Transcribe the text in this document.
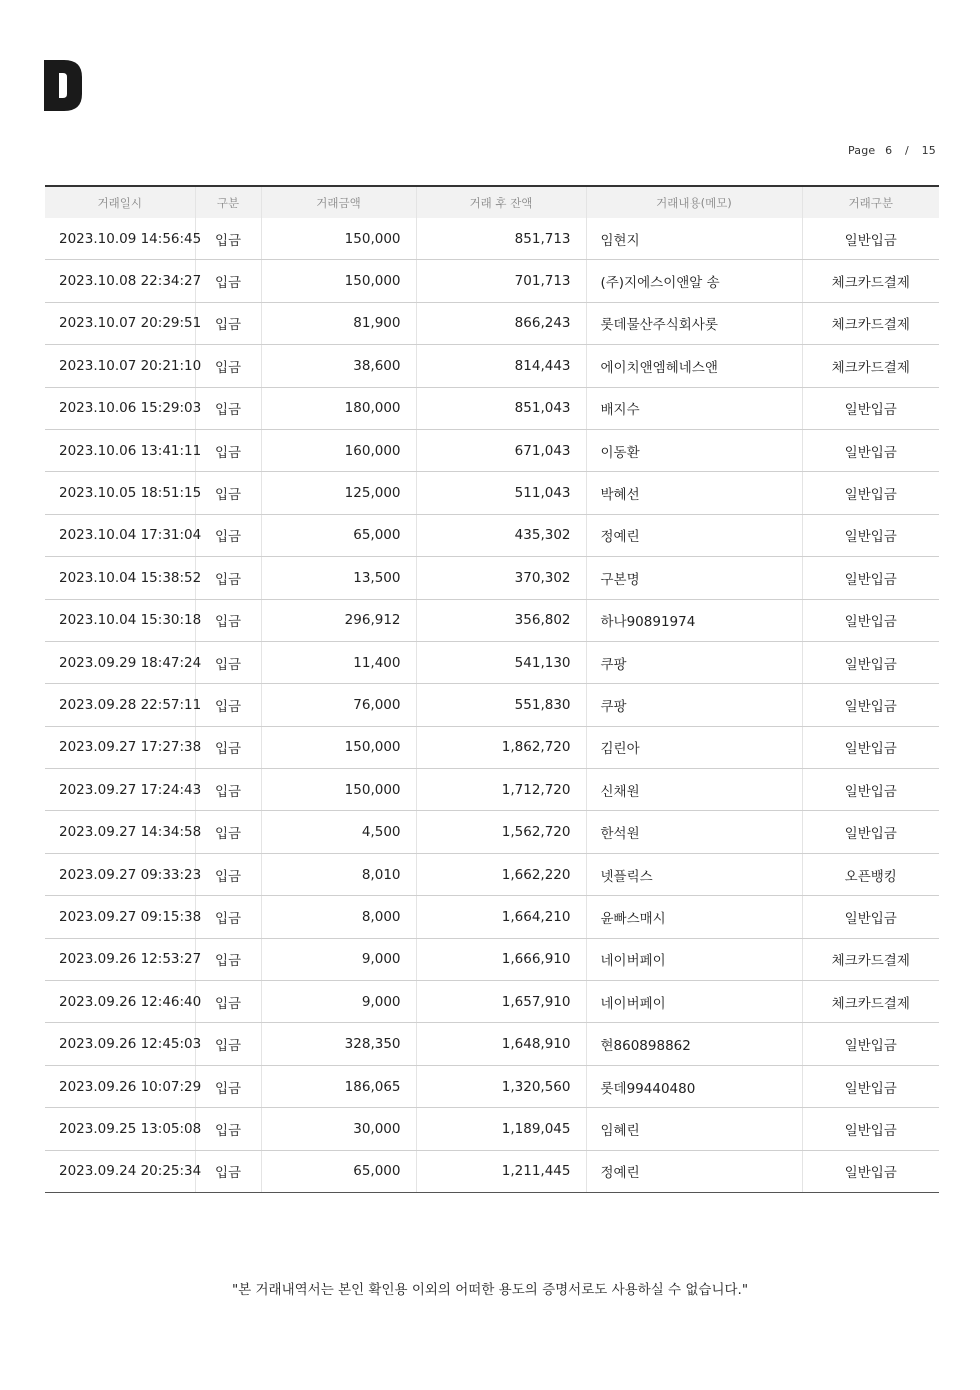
Page 6 / 15
거래일시	구분	거래금액	거래 후 잔액	거래내용(메모)	거래구분
2023.10.09 14:56:45	입금	150,000	851,713	임현지	일반입금
2023.10.08 22:34:27	입금	150,000	701,713	(주)지에스이앤알 송	체크카드결제
2023.10.07 20:29:51	입금	81,900	866,243	롯데물산주식회사롯	체크카드결제
2023.10.07 20:21:10	입금	38,600	814,443	에이치앤엠헤네스앤	체크카드결제
2023.10.06 15:29:03	입금	180,000	851,043	배지수	일반입금
2023.10.06 13:41:11	입금	160,000	671,043	이동환	일반입금
2023.10.05 18:51:15	입금	125,000	511,043	박혜선	일반입금
2023.10.04 17:31:04	입금	65,000	435,302	정예린	일반입금
2023.10.04 15:38:52	입금	13,500	370,302	구본명	일반입금
2023.10.04 15:30:18	입금	296,912	356,802	하나90891974	일반입금
2023.09.29 18:47:24	입금	11,400	541,130	쿠팡	일반입금
2023.09.28 22:57:11	입금	76,000	551,830	쿠팡	일반입금
2023.09.27 17:27:38	입금	150,000	1,862,720	김린아	일반입금
2023.09.27 17:24:43	입금	150,000	1,712,720	신채원	일반입금
2023.09.27 14:34:58	입금	4,500	1,562,720	한석원	일반입금
2023.09.27 09:33:23	입금	8,010	1,662,220	넷플릭스	오픈뱅킹
2023.09.27 09:15:38	입금	8,000	1,664,210	윤빠스매시	일반입금
2023.09.26 12:53:27	입금	9,000	1,666,910	네이버페이	체크카드결제
2023.09.26 12:46:40	입금	9,000	1,657,910	네이버페이	체크카드결제
2023.09.26 12:45:03	입금	328,350	1,648,910	현860898862	일반입금
2023.09.26 10:07:29	입금	186,065	1,320,560	롯데99440480	일반입금
2023.09.25 13:05:08	입금	30,000	1,189,045	임혜린	일반입금
2023.09.24 20:25:34	입금	65,000	1,211,445	정예린	일반입금
"본 거래내역서는 본인 확인용 이외의 어떠한 용도의 증명서로도 사용하실 수 없습니다."
